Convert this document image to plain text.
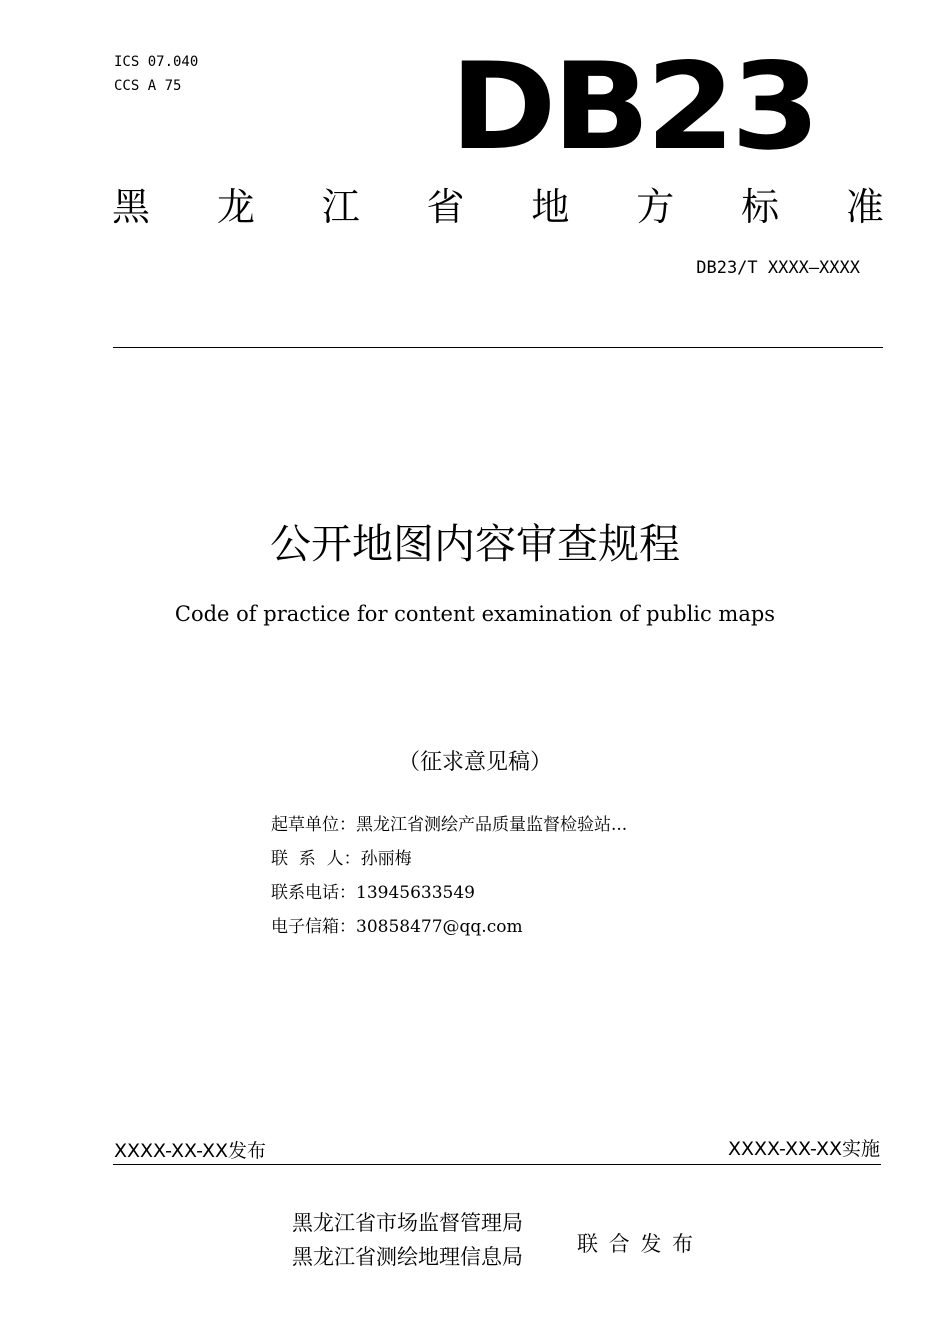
ICS 07.040
CCS A 75 DB23
黑 龙 江 省 地 方 标 准
DB23/T XXXX—XXXX
公开地图内容审查规程
Code of practice for content examination of public maps
（征求意见稿）
起草单位：黑龙江省测绘产品质量监督检验站...
联  系  人：孙丽梅
联系电话：13945633549
电子信箱：30858477@qq.com
XXXX-XX-XX发布	XXXX-XX-XX实施
黑龙江省市场监督管理局
黑龙江省测绘地理信息局
联 合 发 布
